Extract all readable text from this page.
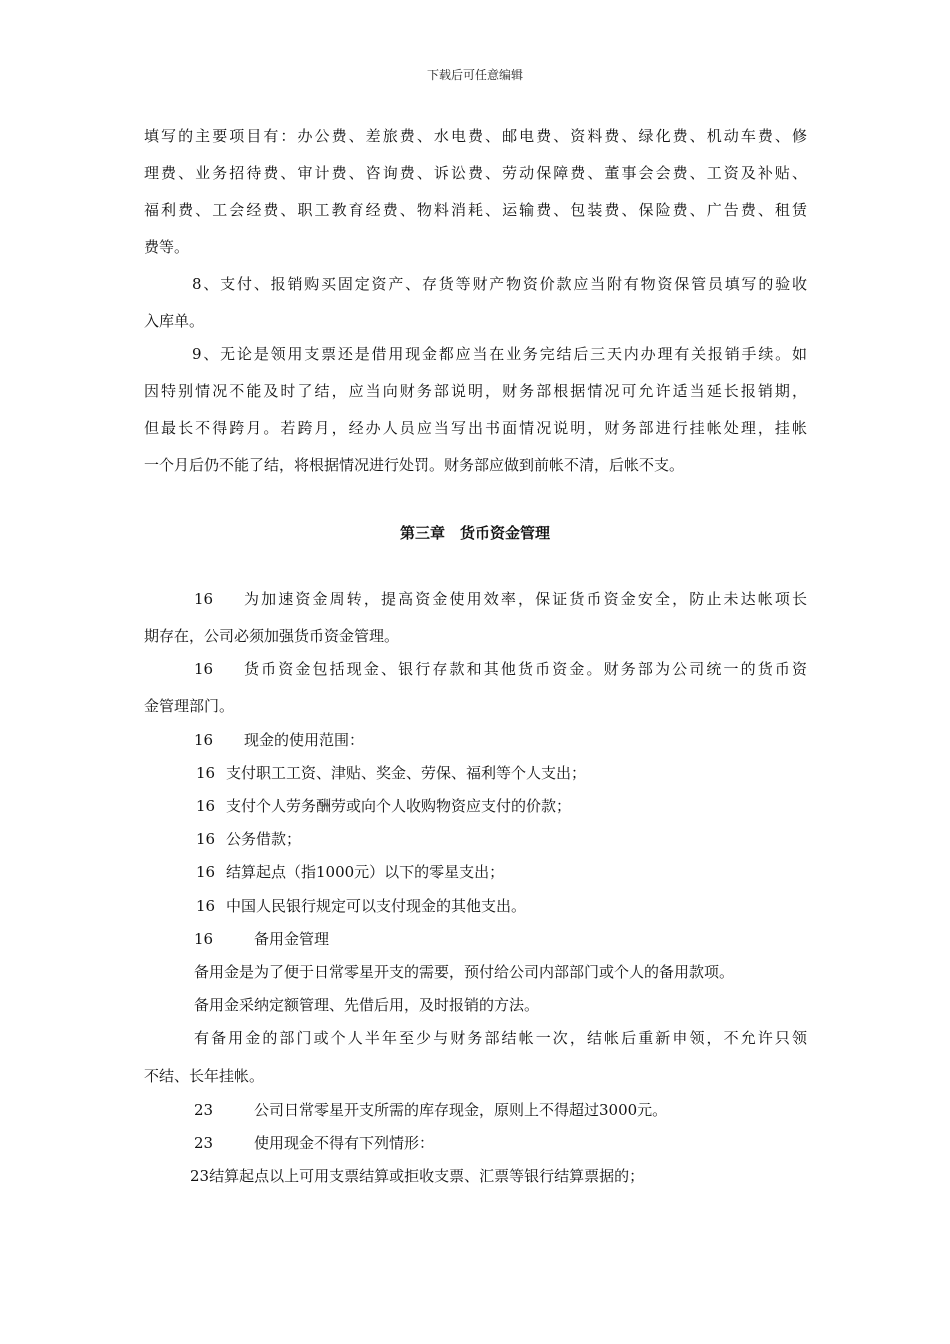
下载后可任意编辑
填写的主要项目有：办公费、差旅费、水电费、邮电费、资料费、绿化费、机动车费、修
理费、业务招待费、审计费、咨询费、诉讼费、劳动保障费、董事会会费、工资及补贴、
福利费、工会经费、职工教育经费、物料消耗、运输费、包装费、保险费、广告费、租赁
费等。
8、支付、报销购买固定资产、存货等财产物资价款应当附有物资保管员填写的验收
入库单。
9、无论是领用支票还是借用现金都应当在业务完结后三天内办理有关报销手续。如
因特别情况不能及时了结，应当向财务部说明，财务部根据情况可允许适当延长报销期，
但最长不得跨月。若跨月，经办人员应当写出书面情况说明，财务部进行挂帐处理，挂帐
一个月后仍不能了结，将根据情况进行处罚。财务部应做到前帐不清，后帐不支。
第三章　货币资金管理
16 为加速资金周转，提高资金使用效率，保证货币资金安全，防止未达帐项长
期存在，公司必须加强货币资金管理。
16 货币资金包括现金、银行存款和其他货币资金。财务部为公司统一的货币资
金管理部门。
16 现金的使用范围：
16 支付职工工资、津贴、奖金、劳保、福利等个人支出；
16 支付个人劳务酬劳或向个人收购物资应支付的价款；
16 公务借款；
16 结算起点（指1000元）以下的零星支出；
16 中国人民银行规定可以支付现金的其他支出。
16	备用金管理
备用金是为了便于日常零星开支的需要，预付给公司内部部门或个人的备用款项。
备用金采纳定额管理、先借后用，及时报销的方法。
有备用金的部门或个人半年至少与财务部结帐一次，结帐后重新申领，不允许只领
不结、长年挂帐。
23	公司日常零星开支所需的库存现金，原则上不得超过3000元。
23	使用现金不得有下列情形：
23结算起点以上可用支票结算或拒收支票、汇票等银行结算票据的；
